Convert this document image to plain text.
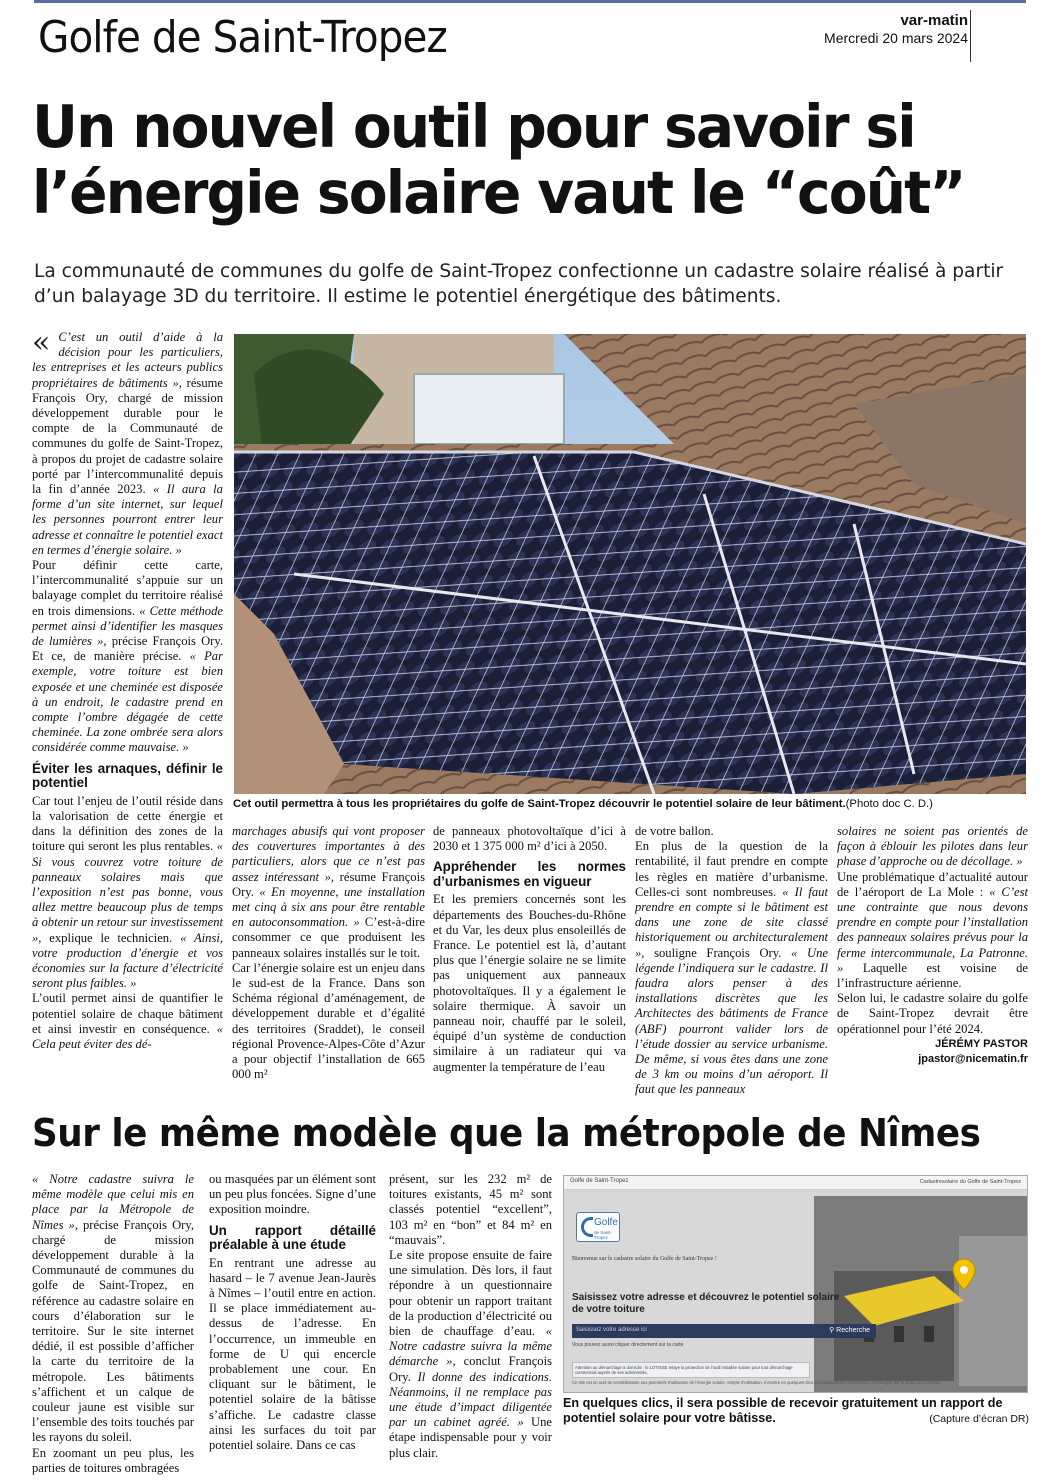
Golfe de Saint-Tropez	var-matin
Mercredi 20 mars 2024
Un nouvel outil pour savoir si
l’énergie solaire vaut le “coût”

La communauté de communes du golfe de Saint-Tropez confectionne un cadastre solaire réalisé à partir d’un balayage 3D du territoire. Il estime le potentiel énergétique des bâtiments.

« C’est un outil d’aide à la décision pour les particuliers, les entreprises et les acteurs publics propriétaires de bâtiments », résume François Ory, chargé de mission développement durable pour le compte de la Communauté de communes du golfe de Saint-Tropez, à propos du projet de cadastre solaire porté par l’intercommunalité depuis la fin d’année 2023. « Il aura la forme d’un site internet, sur lequel les personnes pourront entrer leur adresse et connaître le potentiel exact en termes d’énergie solaire. »

Pour définir cette carte, l’intercommunalité s’appuie sur un balayage complet du territoire réalisé en trois dimensions. « Cette méthode permet ainsi d’identifier les masques de lumières », précise François Ory. Et ce, de manière précise. « Par exemple, votre toiture est bien exposée et une cheminée est disposée à un endroit, le cadastre prend en compte l’ombre dégagée de cette cheminée. La zone ombrée sera alors considérée comme mauvaise. »

Éviter les arnaques, définir le potentiel

Car tout l’enjeu de l’outil réside dans la valorisation de cette énergie et dans la définition des zones de la toiture qui seront les plus rentables. « Si vous couvrez votre toiture de panneaux solaires mais que l’exposition n’est pas bonne, vous allez mettre beaucoup plus de temps à obtenir un retour sur investissement », explique le technicien. « Ainsi, votre production d’énergie et vos économies sur la facture d’électricité seront plus faibles. »

L’outil permet ainsi de quantifier le potentiel solaire de chaque bâtiment et ainsi investir en conséquence. « Cela peut éviter des dé-

Cet outil permettra à tous les propriétaires du golfe de Saint-Tropez découvrir le potentiel solaire de leur bâtiment.(Photo doc C. D.)

marchages abusifs qui vont proposer des couvertures importantes à des particuliers, alors que ce n’est pas assez intéressant », résume François Ory. « En moyenne, une installation met cinq à six ans pour être rentable en autoconsommation. » C’est-à-dire consommer ce que produisent les panneaux solaires installés sur le toit.

Car l’énergie solaire est un enjeu dans le sud-est de la France. Dans son Schéma régional d’aménagement, de développement durable et d’égalité des territoires (Sraddet), le conseil régional Provence-Alpes-Côte d’Azur a pour objectif l’installation de 665 000 m²

de panneaux photovoltaïque d’ici à 2030 et 1 375 000 m² d’ici à 2050.

Appréhender les normes d’urbanismes en vigueur

Et les premiers concernés sont les départements des Bouches-du-Rhône et du Var, les deux plus ensoleillés de France. Le potentiel est là, d’autant plus que l’énergie solaire ne se limite pas uniquement aux panneaux photovoltaïques. Il y a également le solaire thermique. À savoir un panneau noir, chauffé par le soleil, équipé d’un système de conduction similaire à un radiateur qui va augmenter la température de l’eau

de votre ballon.

En plus de la question de la rentabilité, il faut prendre en compte les règles en matière d’urbanisme. Celles-ci sont nombreuses. « Il faut prendre en compte si le bâtiment est dans une zone de site classé historiquement ou architecturalement », souligne François Ory. « Une légende l’indiquera sur le cadastre. Il faudra alors penser à des installations discrètes que les Architectes des bâtiments de France (ABF) pourront valider lors de l’étude dossier au service urbanisme. De même, si vous êtes dans une zone de 3 km ou moins d’un aéroport. Il faut que les panneaux

solaires ne soient pas orientés de façon à éblouir les pilotes dans leur phase d’approche ou de décollage. »

Une problématique d’actualité autour de l’aéroport de La Mole : « C’est une contrainte que nous devons prendre en compte pour l’installation des panneaux solaires prévus pour la ferme intercommunale, La Patronne. » Laquelle est voisine de l’infrastructure aérienne.

Selon lui, le cadastre solaire du golfe de Saint-Tropez devrait être opérationnel pour l’été 2024.

JÉRÉMY PASTOR
jpastor@nicematin.fr
Sur le même modèle que la métropole de Nîmes

« Notre cadastre suivra le même modèle que celui mis en place par la Métropole de Nîmes », précise François Ory, chargé de mission développement durable à la Communauté de communes du golfe de Saint-Tropez, en référence au cadastre solaire en cours d’élaboration sur le territoire. Sur le site internet dédié, il est possible d’afficher la carte du territoire de la métropole. Les bâtiments s’affichent et un calque de couleur jaune est visible sur l’ensemble des toits touchés par les rayons du soleil.

En zoomant un peu plus, les parties de toitures ombragées

ou masquées par un élément sont un peu plus foncées. Signe d’une exposition moindre.

Un rapport détaillé préalable à une étude

En rentrant une adresse au hasard – le 7 avenue Jean-Jaurès à Nîmes – l’outil entre en action. Il se place immédiatement au-dessus de l’adresse. En l’occurrence, un immeuble en forme de U qui encercle probablement une cour. En cliquant sur le bâtiment, le potentiel solaire de la bâtisse s’affiche. Le cadastre classe ainsi les surfaces du toit par potentiel solaire. Dans ce cas

présent, sur les 232 m² de toitures existants, 45 m² sont classés potentiel “excellent”, 103 m² en “bon” et 84 m² en “mauvais”.

Le site propose ensuite de faire une simulation. Dès lors, il faut répondre à un questionnaire pour obtenir un rapport traitant de la production d’électricité ou bien de chauffage d’eau. « Notre cadastre suivra la même démarche », conclut François Ory. Il donne des indications. Néanmoins, il ne remplace pas une étude d’impact diligentée par un cabinet agréé. » Une étape indispensable pour y voir plus clair.

Golfe de Saint-Tropez	Cadastresolaire du Golfe de Saint-Tropez
Golfe
de Saint-Tropez
Bienvenue sur le cadastre solaire du Golfe de Saint-Tropez !
Saisissez votre adresse et découvrez le potentiel solaire de votre toiture
Saisissez votre adresse ici	⚲ Recherche
Vous pouvez aussi cliquer directement sur la carte
Attention au démarchage à domicile : le LOTISSE relaye la protection de l’outil installée solaire pour tout démarchage commercial auprès de ses administrés.
Ce site est un outil de sensibilisation aux potentiels d’utilisation de l’énergie solaire. Simple d’utilisation, il montre en quelques clics la réalisation des installations, il renseigne sur le choix de construire.
En quelques clics, il sera possible de recevoir gratuitement un rapport de potentiel solaire pour votre bâtisse.	(Capture d’écran DR)
